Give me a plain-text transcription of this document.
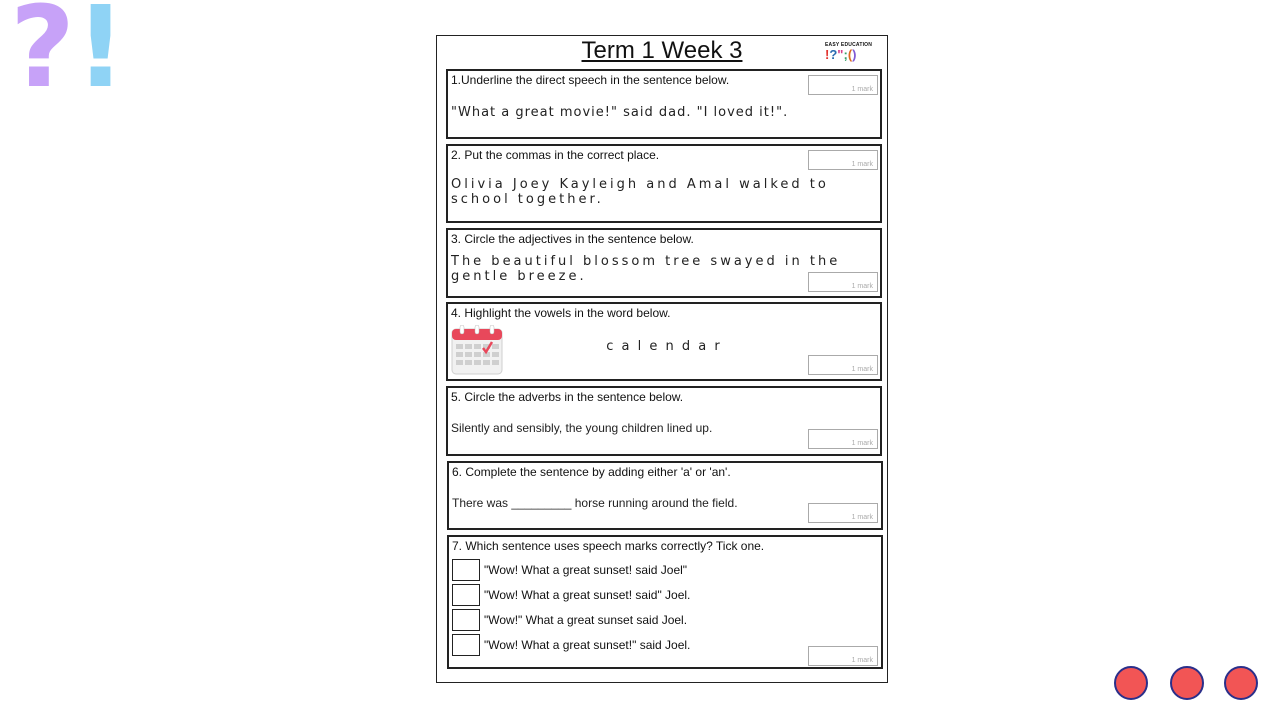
?!	Term 1 Week 3	EASY EDUCATION
!?";()
1.Underline the direct speech in the sentence below.
1 mark
"What a great movie!" said dad. "I loved it!".
2. Put the commas in the correct place.
1 mark
Olivia Joey Kayleigh and Amal walked to
school together.
3. Circle the adjectives in the sentence below.
The beautiful blossom tree swayed in the
gentle breeze.
1 mark
4. Highlight the vowels in the word below.
c a l e n d a r
1 mark
5. Circle the adverbs in the sentence below.
Silently and sensibly, the young children lined up.
1 mark
6. Complete the sentence by adding either 'a' or 'an'.
There was _________ horse running around the field.
1 mark
7. Which sentence uses speech marks correctly? Tick one.
"Wow! What a great sunset! said Joel"
"Wow! What a great sunset! said" Joel.
"Wow!" What a great sunset said Joel.
"Wow! What a great sunset!" said Joel.
1 mark
